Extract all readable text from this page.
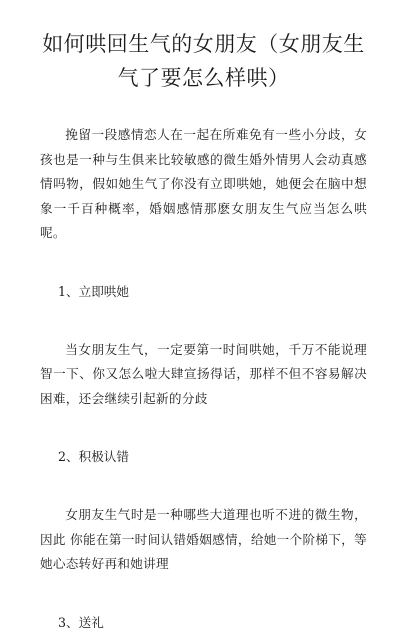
如何哄回生气的女朋友（女朋友生气了要怎么样哄）

挽留一段感情恋人在一起在所难免有一些小分歧，女孩也是一种与生俱来比较敏感的微生婚外情男人会动真感情吗物，假如她生气了你没有立即哄她，她便会在脑中想象一千百种概率，婚姻感情那麽女朋友生气应当怎么哄呢。

1、立即哄她

当女朋友生气，一定要第一时间哄她，千万不能说理智一下、你又怎么啦大肆宣扬得话，那样不但不容易解决困难，还会继续引起新的分歧

2、积极认错

女朋友生气时是一种哪些大道理也听不进的微生物，因此 你能在第一时间认错婚姻感情，给她一个阶梯下，等她心态转好再和她讲理

3、送礼
